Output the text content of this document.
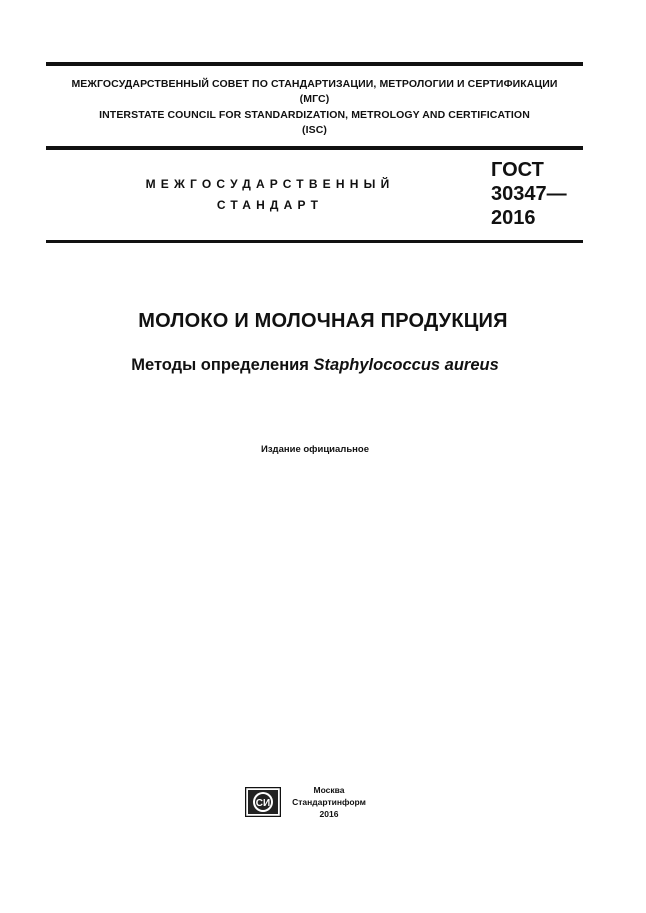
МЕЖГОСУДАРСТВЕННЫЙ СОВЕТ ПО СТАНДАРТИЗАЦИИ, МЕТРОЛОГИИ И СЕРТИФИКАЦИИ
(МГС)
INTERSTATE COUNCIL FOR STANDARDIZATION, METROLOGY AND CERTIFICATION
(ISC)
МЕЖГОСУДАРСТВЕННЫЙ
СТАНДАРТ
ГОСТ
30347—
2016
МОЛОКО И МОЛОЧНАЯ ПРОДУКЦИЯ
Методы определения Staphylococcus aureus
Издание официальное
СИ
Москва
Стандартинформ
2016
